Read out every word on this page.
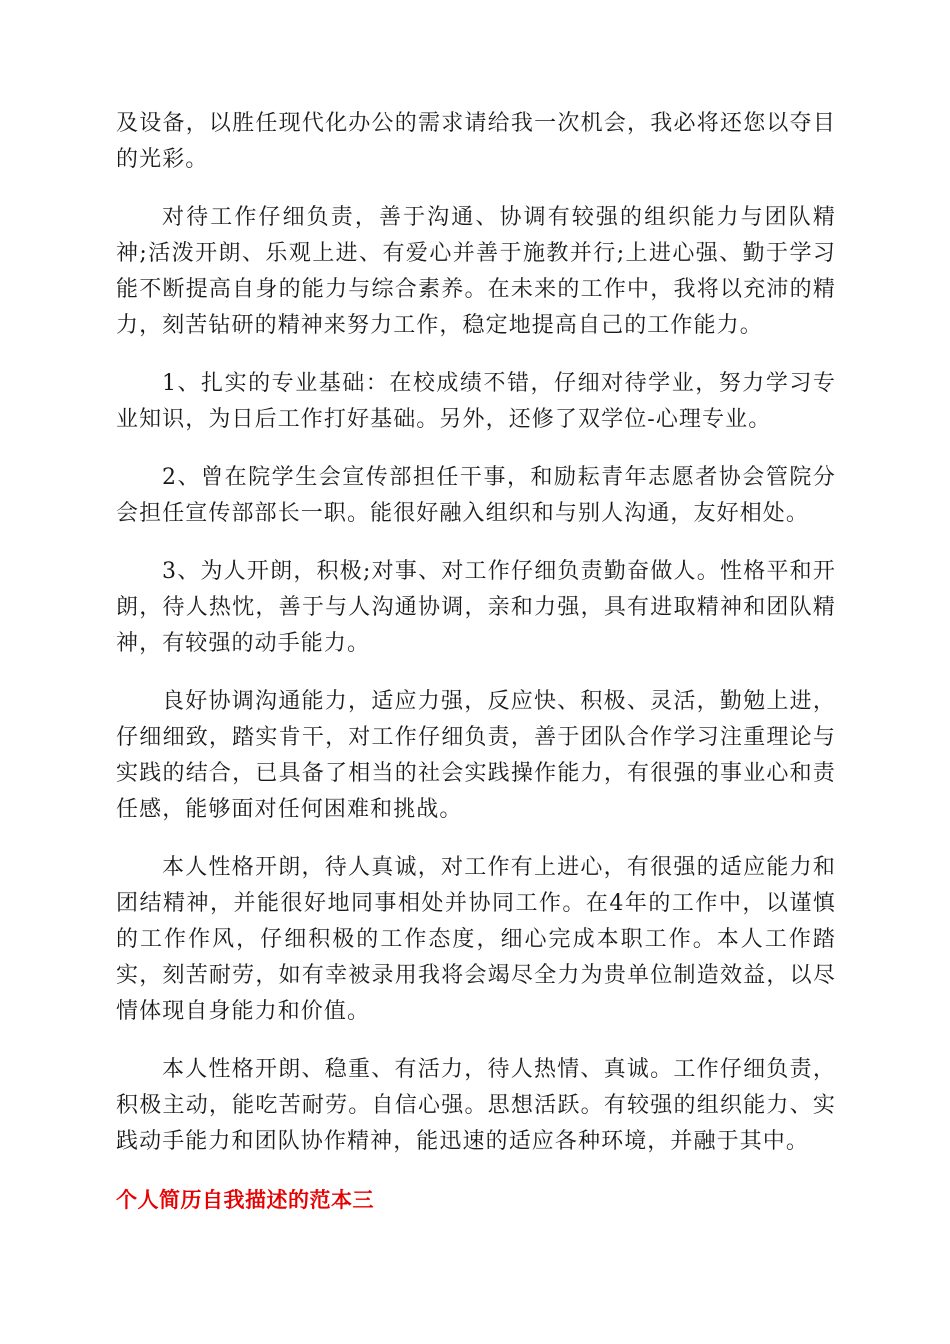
及设备，以胜任现代化办公的需求请给我一次机会，我必将还您以夺目的光彩。

对待工作仔细负责，善于沟通、协调有较强的组织能力与团队精神;活泼开朗、乐观上进、有爱心并善于施教并行;上进心强、勤于学习能不断提高自身的能力与综合素养。在未来的工作中，我将以充沛的精力，刻苦钻研的精神来努力工作，稳定地提高自己的工作能力。

1、扎实的专业基础：在校成绩不错，仔细对待学业，努力学习专业知识，为日后工作打好基础。另外，还修了双学位-心理专业。

2、曾在院学生会宣传部担任干事，和励耘青年志愿者协会管院分会担任宣传部部长一职。能很好融入组织和与别人沟通，友好相处。

3、为人开朗，积极;对事、对工作仔细负责勤奋做人。性格平和开朗，待人热忱，善于与人沟通协调，亲和力强，具有进取精神和团队精神，有较强的动手能力。

良好协调沟通能力，适应力强，反应快、积极、灵活，勤勉上进，仔细细致，踏实肯干，对工作仔细负责，善于团队合作学习注重理论与实践的结合，已具备了相当的社会实践操作能力，有很强的事业心和责任感，能够面对任何困难和挑战。

本人性格开朗，待人真诚，对工作有上进心，有很强的适应能力和团结精神，并能很好地同事相处并协同工作。在4年的工作中，以谨慎的工作作风，仔细积极的工作态度，细心完成本职工作。本人工作踏实，刻苦耐劳，如有幸被录用我将会竭尽全力为贵单位制造效益，以尽情体现自身能力和价值。

本人性格开朗、稳重、有活力，待人热情、真诚。工作仔细负责，积极主动，能吃苦耐劳。自信心强。思想活跃。有较强的组织能力、实践动手能力和团队协作精神，能迅速的适应各种环境，并融于其中。

个人简历自我描述的范本三
